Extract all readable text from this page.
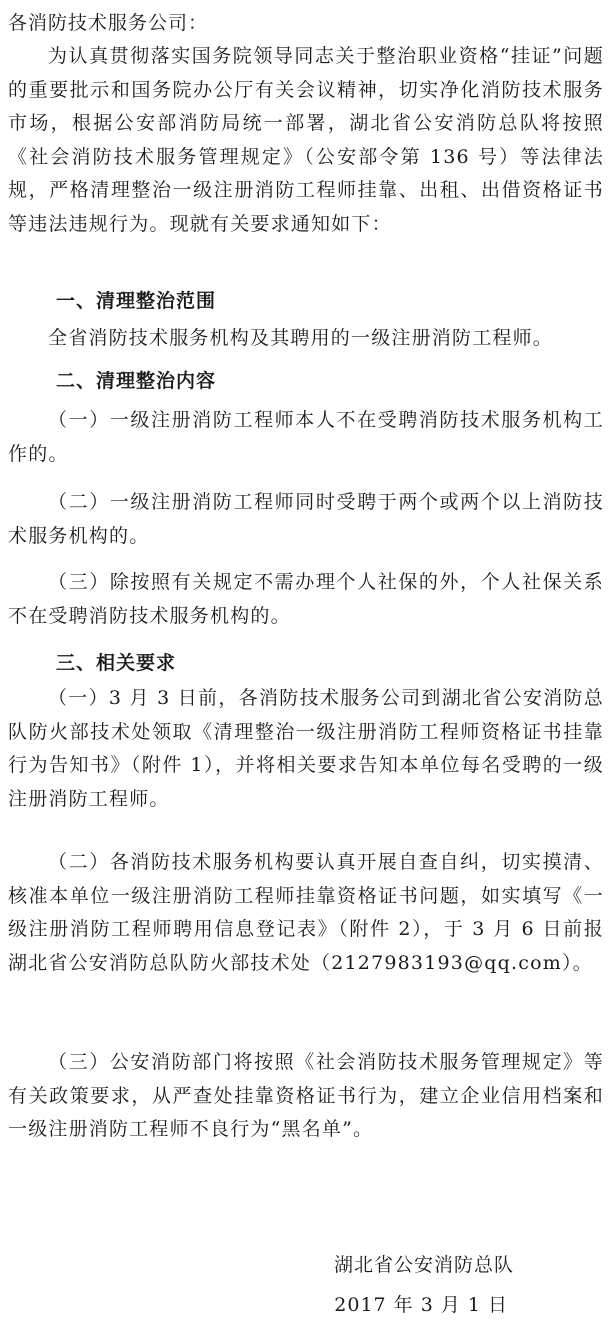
各消防技术服务公司：

为认真贯彻落实国务院领导同志关于整治职业资格“挂证”问题的重要批示和国务院办公厅有关会议精神，切实净化消防技术服务市场，根据公安部消防局统一部署，湖北省公安消防总队将按照《社会消防技术服务管理规定》（公安部令第 136 号）等法律法规，严格清理整治一级注册消防工程师挂靠、出租、出借资格证书等违法违规行为。现就有关要求通知如下：

一、清理整治范围

全省消防技术服务机构及其聘用的一级注册消防工程师。

二、清理整治内容

（一）一级注册消防工程师本人不在受聘消防技术服务机构工作的。

（二）一级注册消防工程师同时受聘于两个或两个以上消防技术服务机构的。

（三）除按照有关规定不需办理个人社保的外，个人社保关系不在受聘消防技术服务机构的。

三、相关要求

（一）3 月 3 日前，各消防技术服务公司到湖北省公安消防总队防火部技术处领取《清理整治一级注册消防工程师资格证书挂靠行为告知书》（附件 1），并将相关要求告知本单位每名受聘的一级注册消防工程师。

（二）各消防技术服务机构要认真开展自查自纠，切实摸清、核准本单位一级注册消防工程师挂靠资格证书问题，如实填写《一级注册消防工程师聘用信息登记表》（附件 2），于 3 月 6 日前报湖北省公安消防总队防火部技术处（2127983193@qq.com）。

（三）公安消防部门将按照《社会消防技术服务管理规定》等有关政策要求，从严查处挂靠资格证书行为，建立企业信用档案和一级注册消防工程师不良行为“黑名单”。

湖北省公安消防总队
2017 年 3 月 1 日
